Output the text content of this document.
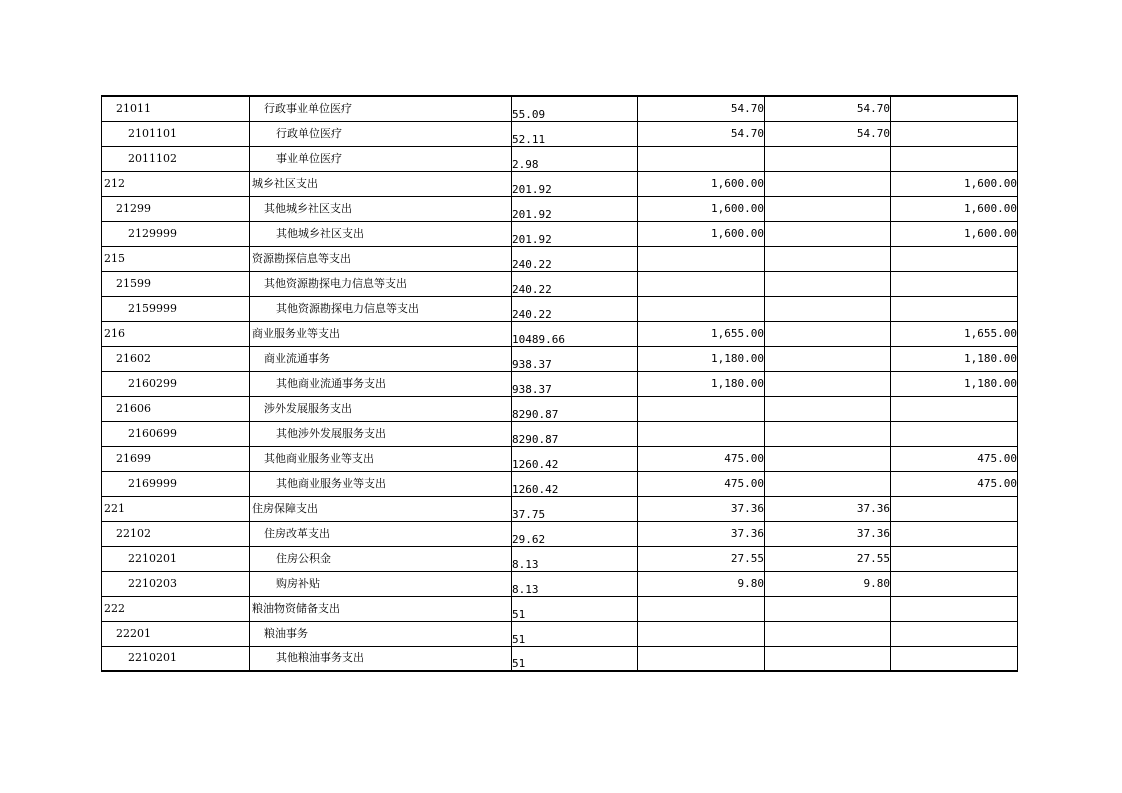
21011	行政事业单位医疗	55.09	54.70	54.70	
2101101	行政单位医疗	52.11	54.70	54.70	
2011102	事业单位医疗	2.98			
212	城乡社区支出	201.92	1,600.00		1,600.00
21299	其他城乡社区支出	201.92	1,600.00		1,600.00
2129999	其他城乡社区支出	201.92	1,600.00		1,600.00
215	资源勘探信息等支出	240.22			
21599	其他资源勘探电力信息等支出	240.22			
2159999	其他资源勘探电力信息等支出	240.22			
216	商业服务业等支出	10489.66	1,655.00		1,655.00
21602	商业流通事务	938.37	1,180.00		1,180.00
2160299	其他商业流通事务支出	938.37	1,180.00		1,180.00
21606	涉外发展服务支出	8290.87			
2160699	其他涉外发展服务支出	8290.87			
21699	其他商业服务业等支出	1260.42	475.00		475.00
2169999	其他商业服务业等支出	1260.42	475.00		475.00
221	住房保障支出	37.75	37.36	37.36	
22102	住房改革支出	29.62	37.36	37.36	
2210201	住房公积金	8.13	27.55	27.55	
2210203	购房补贴	8.13	9.80	9.80	
222	粮油物资储备支出	51			
22201	粮油事务	51			
2210201	其他粮油事务支出	51			
